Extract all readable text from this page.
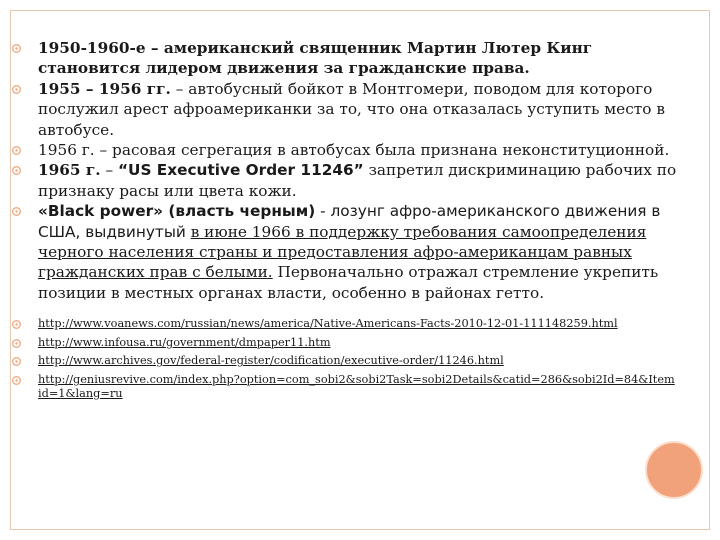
1950-1960-е – американский священник Мартин Лютер Кинг становится лидером движения за гражданские права.

1955 – 1956 гг. – автобусный бойкот в Монтгомери, поводом для которого послужил арест афроамериканки за то, что она отказалась уступить место в автобусе.

1956 г. – расовая сегрегация в автобусах была признана неконституционной.

1965 г. – “US Executive Order 11246” запретил дискриминацию рабочих по признаку расы или цвета кожи.

«Black power» (власть черным) - лозунг афро-американского движения в США, выдвинутый в июне 1966 в поддержку требования самоопределения черного населения страны и предоставления афро-американцам равных гражданских прав с белыми. Первоначально отражал стремление укрепить позиции в местных органах власти, особенно в районах гетто.

http://www.voanews.com/russian/news/america/Native-Americans-Facts-2010-12-01-111148259.html

http://www.infousa.ru/government/dmpaper11.htm

http://www.archives.gov/federal-register/codification/executive-order/11246.html

http://geniusrevive.com/index.php?option=com_sobi2&sobi2Task=sobi2Details&catid=286&sobi2Id=84&Itemid=1&lang=ru
